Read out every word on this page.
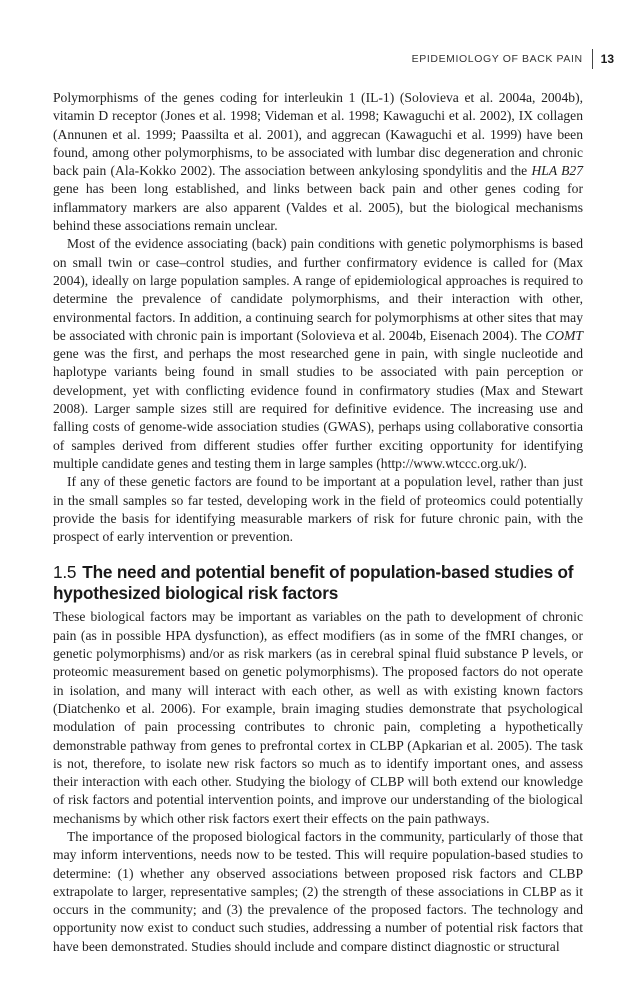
EPIDEMIOLOGY OF BACK PAIN 13

Polymorphisms of the genes coding for interleukin 1 (IL-1) (Solovieva et al. 2004a, 2004b), vitamin D receptor (Jones et al. 1998; Videman et al. 1998; Kawaguchi et al. 2002), IX collagen (Annunen et al. 1999; Paassilta et al. 2001), and aggrecan (Kawaguchi et al. 1999) have been found, among other polymorphisms, to be associated with lumbar disc degeneration and chronic back pain (Ala-Kokko 2002). The association between ankylosing spondylitis and the HLA B27 gene has been long established, and links between back pain and other genes coding for inflammatory markers are also apparent (Valdes et al. 2005), but the biological mechanisms behind these associations remain unclear.

Most of the evidence associating (back) pain conditions with genetic polymorphisms is based on small twin or case–control studies, and further confirmatory evidence is called for (Max 2004), ideally on large population samples. A range of epidemiological approaches is required to determine the prevalence of candidate polymorphisms, and their interaction with other, environmental factors. In addition, a continuing search for polymorphisms at other sites that may be associated with chronic pain is important (Solovieva et al. 2004b, Eisenach 2004). The COMT gene was the first, and perhaps the most researched gene in pain, with single nucleotide and haplotype variants being found in small studies to be associated with pain perception or development, yet with conflicting evidence found in confirmatory studies (Max and Stewart 2008). Larger sample sizes still are required for definitive evidence. The increasing use and falling costs of genome-wide association studies (GWAS), perhaps using collaborative consortia of samples derived from different studies offer further exciting opportunity for identifying multiple candidate genes and testing them in large samples (http://www.wtccc.org.uk/).

If any of these genetic factors are found to be important at a population level, rather than just in the small samples so far tested, developing work in the field of proteomics could potentially provide the basis for identifying measurable markers of risk for future chronic pain, with the prospect of early intervention or prevention.

1.5 The need and potential benefit of population-based studies of hypothesized biological risk factors

These biological factors may be important as variables on the path to development of chronic pain (as in possible HPA dysfunction), as effect modifiers (as in some of the fMRI changes, or genetic polymorphisms) and/or as risk markers (as in cerebral spinal fluid substance P levels, or proteomic measurement based on genetic polymorphisms). The proposed factors do not operate in isolation, and many will interact with each other, as well as with existing known factors (Diatchenko et al. 2006). For example, brain imaging studies demonstrate that psychological modulation of pain processing contributes to chronic pain, completing a hypothetically demonstrable pathway from genes to prefrontal cortex in CLBP (Apkarian et al. 2005). The task is not, therefore, to isolate new risk factors so much as to identify important ones, and assess their interaction with each other. Studying the biology of CLBP will both extend our knowledge of risk factors and potential intervention points, and improve our understanding of the biological mechanisms by which other risk factors exert their effects on the pain pathways.

The importance of the proposed biological factors in the community, particularly of those that may inform interventions, needs now to be tested. This will require population-based studies to determine: (1) whether any observed associations between proposed risk factors and CLBP extrapolate to larger, representative samples; (2) the strength of these associations in CLBP as it occurs in the community; and (3) the prevalence of the proposed factors. The technology and opportunity now exist to conduct such studies, addressing a number of potential risk factors that have been demonstrated. Studies should include and compare distinct diagnostic or structural
